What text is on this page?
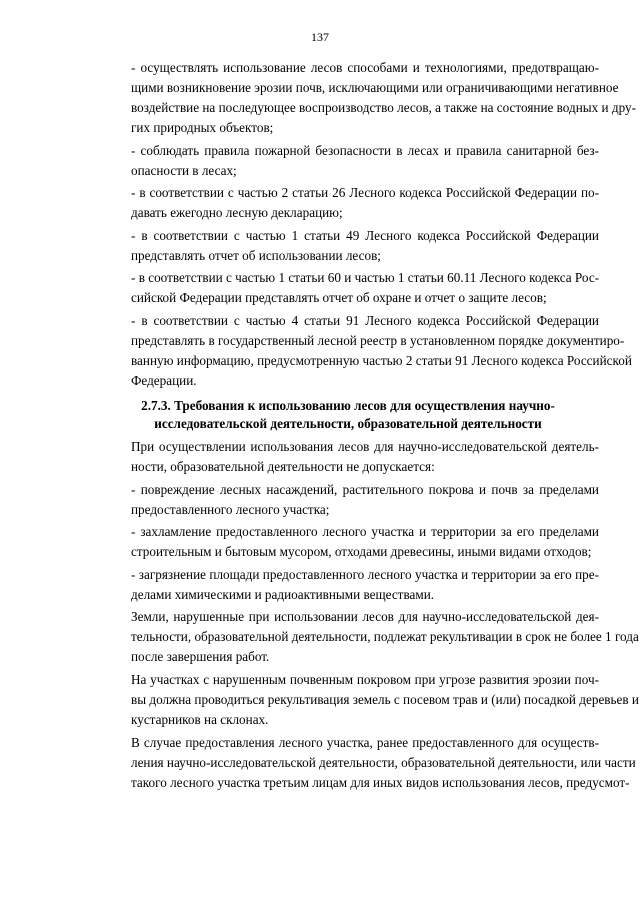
137
- осуществлять использование лесов способами и технологиями, предотвращаю-
щими возникновение эрозии почв, исключающими или ограничивающими негативное
воздействие на последующее воспроизводство лесов, а также на состояние водных и дру-
гих природных объектов;
- соблюдать правила пожарной безопасности в лесах и правила санитарной без-
опасности в лесах;
- в соответствии с частью 2 статьи 26 Лесного кодекса Российской Федерации по-
давать ежегодно лесную декларацию;
- в соответствии с частью 1 статьи 49 Лесного кодекса Российской Федерации
представлять отчет об использовании лесов;
- в соответствии с частью 1 статьи 60 и частью 1 статьи 60.11 Лесного кодекса Рос-
сийской Федерации представлять отчет об охране и отчет о защите лесов;
- в соответствии с частью 4 статьи 91 Лесного кодекса Российской Федерации
представлять в государственный лесной реестр в установленном порядке документиро-
ванную информацию, предусмотренную частью 2 статьи 91 Лесного кодекса Российской
Федерации.
2.7.3. Требования к использованию лесов для осуществления научно-
исследовательской деятельности, образовательной деятельности
При осуществлении использования лесов для научно-исследовательской деятель-
ности, образовательной деятельности не допускается:
- повреждение лесных насаждений, растительного покрова и почв за пределами
предоставленного лесного участка;
- захламление предоставленного лесного участка и территории за его пределами
строительным и бытовым мусором, отходами древесины, иными видами отходов;
- загрязнение площади предоставленного лесного участка и территории за его пре-
делами химическими и радиоактивными веществами.
Земли, нарушенные при использовании лесов для научно-исследовательской дея-
тельности, образовательной деятельности, подлежат рекультивации в срок не более 1 года
после завершения работ.
На участках с нарушенным почвенным покровом при угрозе развития эрозии поч-
вы должна проводиться рекультивация земель с посевом трав и (или) посадкой деревьев и
кустарников на склонах.
В случае предоставления лесного участка, ранее предоставленного для осуществ-
ления научно-исследовательской деятельности, образовательной деятельности, или части
такого лесного участка третьим лицам для иных видов использования лесов, предусмот-
